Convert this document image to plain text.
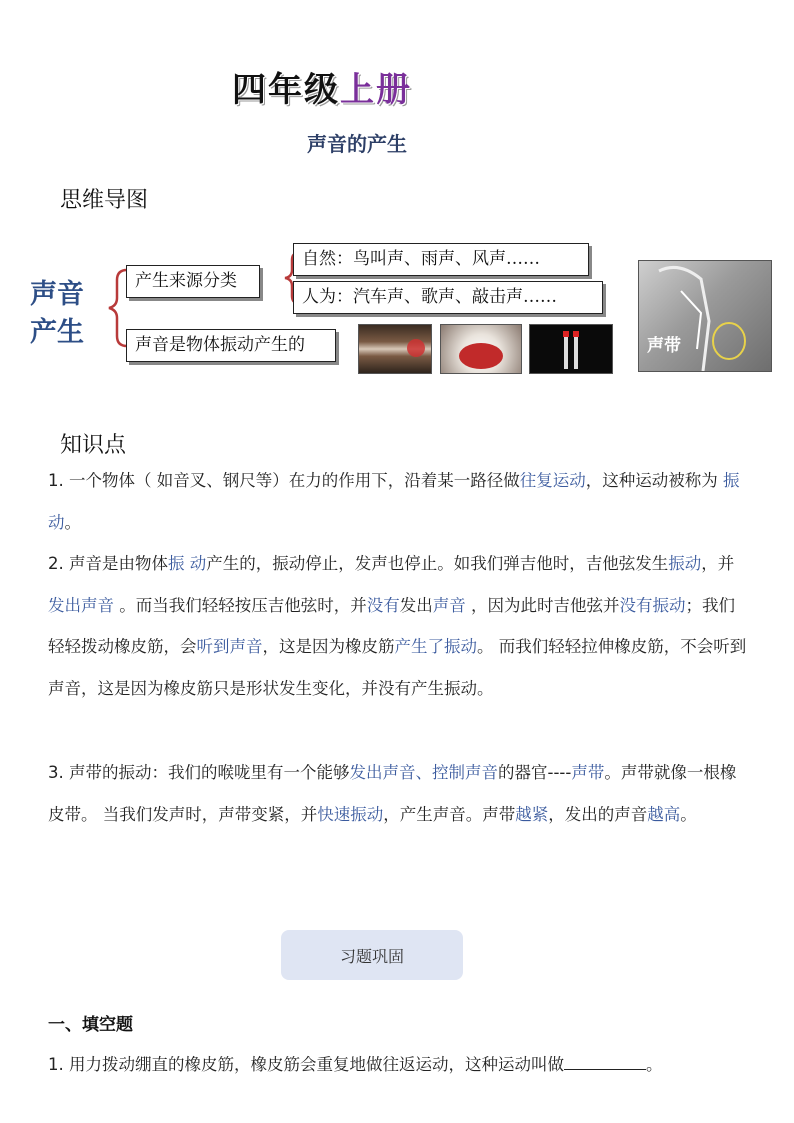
四年级上册
声音的产生
思维导图
声音
产生
产生来源分类
自然：鸟叫声、雨声、风声……
人为：汽车声、歌声、敲击声……
声音是物体振动产生的	声带
知识点
1. 一个物体（ 如音叉、钢尺等）在力的作用下，沿着某一路径做往复运动，这种运动被称为 振 动。
2. 声音是由物体振 动产生的，振动停止，发声也停止。如我们弹吉他时，吉他弦发生振动，并发出声音 。而当我们轻轻按压吉他弦时，并没有发出声音 ，因为此时吉他弦并没有振动；我们轻轻拨动橡皮筋，会听到声音，这是因为橡皮筋产生了振动。 而我们轻轻拉伸橡皮筋，不会听到声音，这是因为橡皮筋只是形状发生变化，并没有产生振动。
3. 声带的振动：我们的喉咙里有一个能够发出声音、控制声音的器官----声带。声带就像一根橡皮带。 当我们发声时，声带变紧，并快速振动，产生声音。声带越紧，发出的声音越高。
习题巩固
一、填空题
1. 用力拨动绷直的橡皮筋，橡皮筋会重复地做往返运动，这种运动叫做	。
